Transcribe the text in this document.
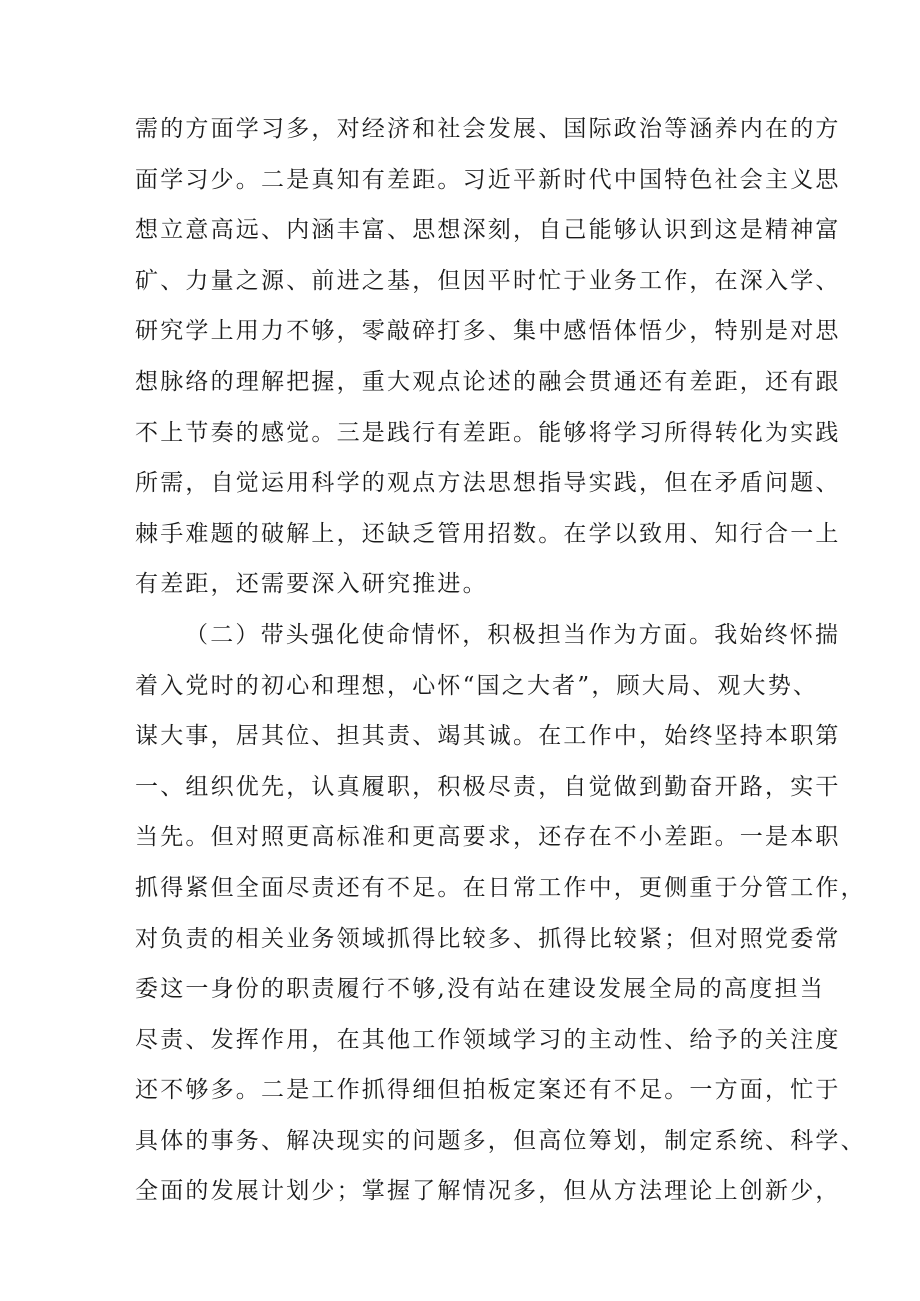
需的方面学习多，对经济和社会发展、国际政治等涵养内在的方
面学习少。二是真知有差距。习近平新时代中国特色社会主义思
想立意高远、内涵丰富、思想深刻，自己能够认识到这是精神富
矿、力量之源、前进之基，但因平时忙于业务工作，在深入学、
研究学上用力不够，零敲碎打多、集中感悟体悟少，特别是对思
想脉络的理解把握，重大观点论述的融会贯通还有差距，还有跟
不上节奏的感觉。三是践行有差距。能够将学习所得转化为实践
所需，自觉运用科学的观点方法思想指导实践，但在矛盾问题、
棘手难题的破解上，还缺乏管用招数。在学以致用、知行合一上
有差距，还需要深入研究推进。
（二）带头强化使命情怀，积极担当作为方面。我始终怀揣
着入党时的初心和理想，心怀“国之大者”，顾大局、观大势、
谋大事，居其位、担其责、竭其诚。在工作中，始终坚持本职第
一、组织优先，认真履职，积极尽责，自觉做到勤奋开路，实干
当先。但对照更高标准和更高要求，还存在不小差距。一是本职
抓得紧但全面尽责还有不足。在日常工作中，更侧重于分管工作，
对负责的相关业务领域抓得比较多、抓得比较紧；但对照党委常
委这一身份的职责履行不够,没有站在建设发展全局的高度担当
尽责、发挥作用，在其他工作领域学习的主动性、给予的关注度
还不够多。二是工作抓得细但拍板定案还有不足。一方面，忙于
具体的事务、解决现实的问题多，但高位筹划，制定系统、科学、
全面的发展计划少；掌握了解情况多，但从方法理论上创新少，
